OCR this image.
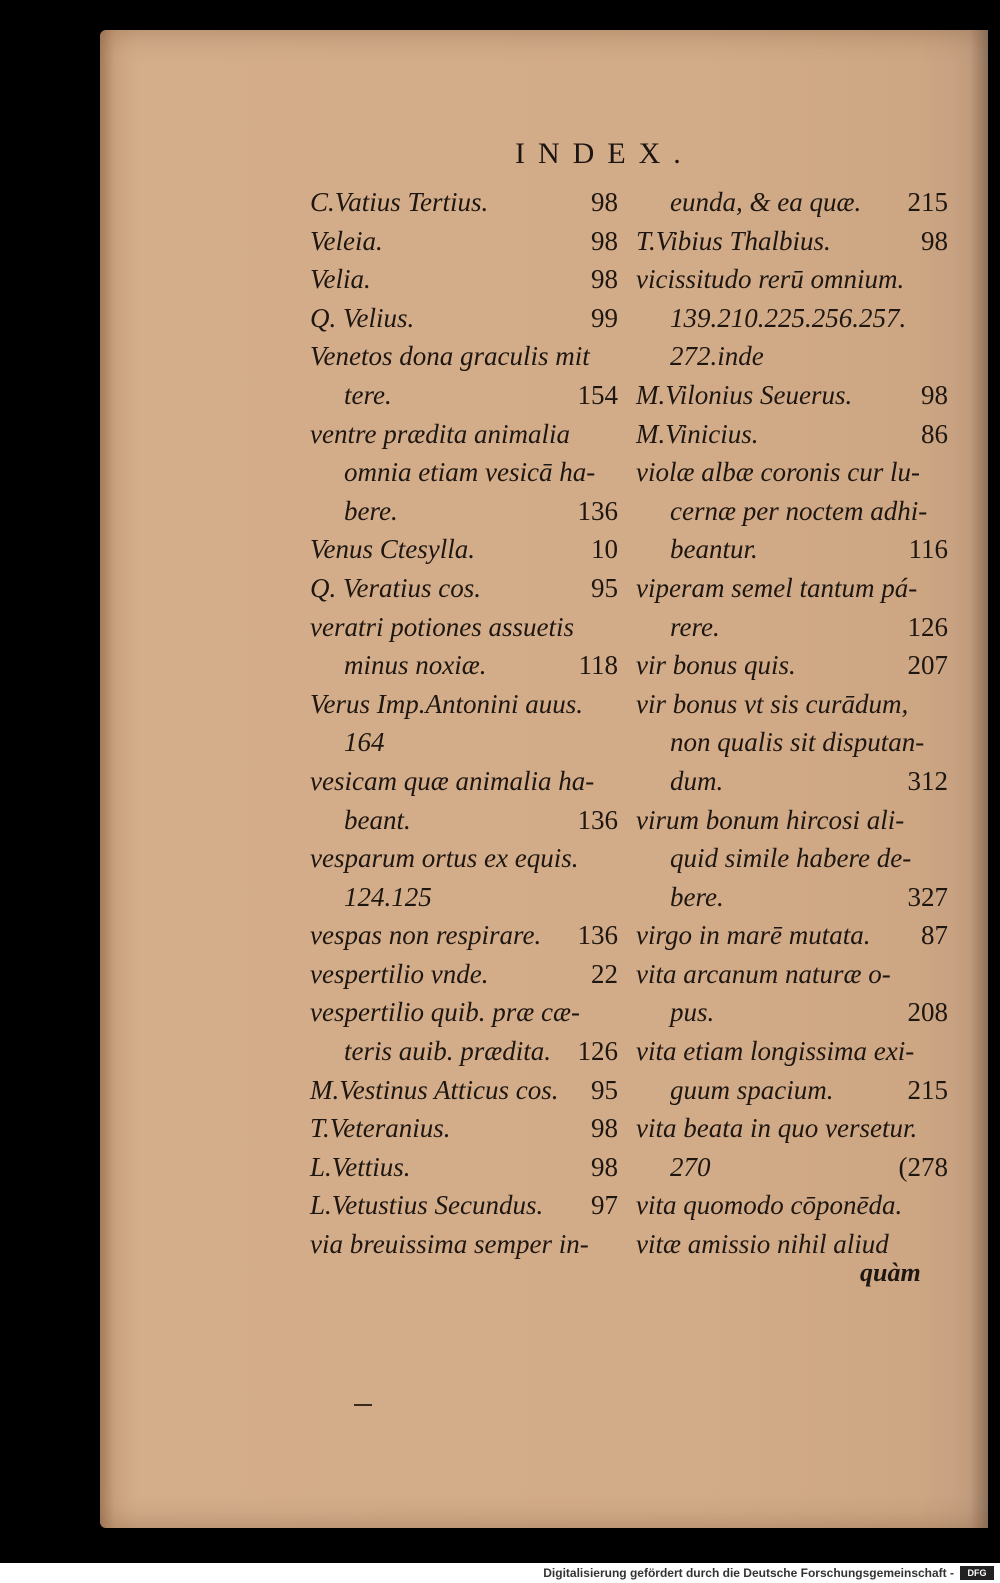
INDEX.
C.Vatius Tertius.	98
Veleia.	98
Velia.	98
Q. Velius.	99
Venetos dona graculis mit
tere.	154
ventre prædita animalia
omnia etiam vesicā ha-
bere.	136
Venus Ctesylla.	10
Q. Veratius cos.	95
veratri potiones assuetis
minus noxiæ.	118
Verus Imp.Antonini auus.
164
vesicam quæ animalia ha-
beant.	136
vesparum ortus ex equis.
124.125
vespas non respirare. 136
vespertilio vnde.	22
vespertilio quib. præ cæ-
teris auib. prædita. 126
M.Vestinus Atticus cos. 95
T.Veteranius.	98
L.Vettius.	98
L.Vetustius Secundus. 97
via breuissima semper in-
eunda, & ea quæ. 215
T.Vibius Thalbius.	98
vicissitudo rerū omnium.
139.210.225.256.257.
272.inde
M.Vilonius Seuerus.	98
M.Vinicius.	86
violæ albæ coronis cur lu-
cernæ per noctem adhi-
beantur.	116
viperam semel tantum pá-
rere.	126
vir bonus quis.	207
vir bonus vt sis curādum,
non qualis sit disputan-
dum.	312
virum bonum hircosi ali-
quid simile habere de-
bere.	327
virgo in marē mutata. 87
vita arcanum naturæ o-
pus.	208
vita etiam longissima exi-
guum spacium.	215
vita beata in quo versetur.
270	(278
vita quomodo cōponēda.
vitæ amissio nihil aliud
quàm
Digitalisierung gefördert durch die Deutsche Forschungsgemeinschaft -	DFG
